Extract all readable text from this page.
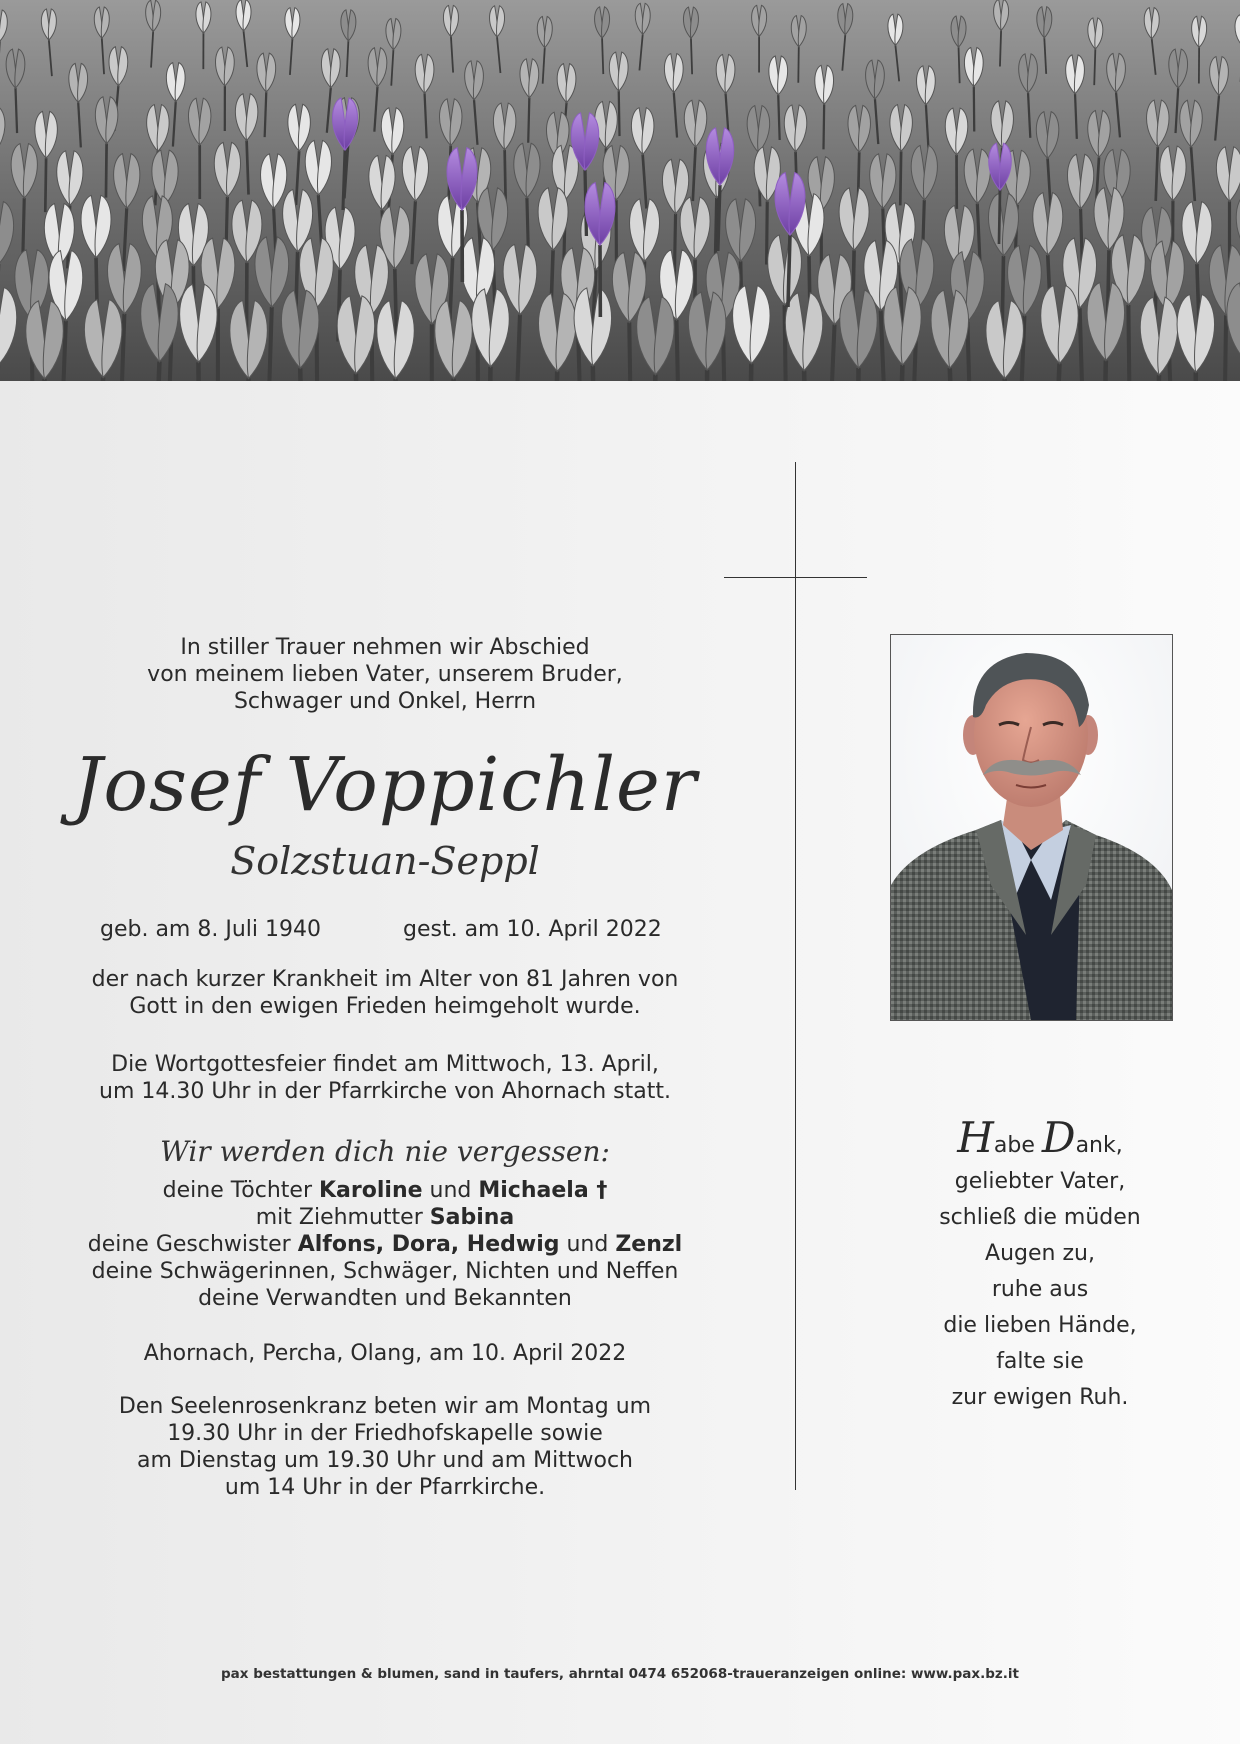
In stiller Trauer nehmen wir Abschied
von meinem lieben Vater, unserem Bruder,
Schwager und Onkel, Herrn
Josef Voppichler
Solzstuan-Seppl
geb. am 8. Juli 1940	gest. am 10. April 2022
der nach kurzer Krankheit im Alter von 81 Jahren von
Gott in den ewigen Frieden heimgeholt wurde.
Die Wortgottesfeier findet am Mittwoch, 13. April,
um 14.30 Uhr in der Pfarrkirche von Ahornach statt.
Wir werden dich nie vergessen:
deine Töchter Karoline und Michaela †
mit Ziehmutter Sabina
deine Geschwister Alfons, Dora, Hedwig und Zenzl
deine Schwägerinnen, Schwäger, Nichten und Neffen
deine Verwandten und Bekannten
Ahornach, Percha, Olang, am 10. April 2022
Den Seelenrosenkranz beten wir am Montag um
19.30 Uhr in der Friedhofskapelle sowie
am Dienstag um 19.30 Uhr und am Mittwoch
um 14 Uhr in der Pfarrkirche.
Habe Dank,
geliebter Vater,
schließ die müden
Augen zu,
ruhe aus
die lieben Hände,
falte sie
zur ewigen Ruh.
pax bestattungen & blumen, sand in taufers, ahrntal 0474 652068-traueranzeigen online: www.pax.bz.it
